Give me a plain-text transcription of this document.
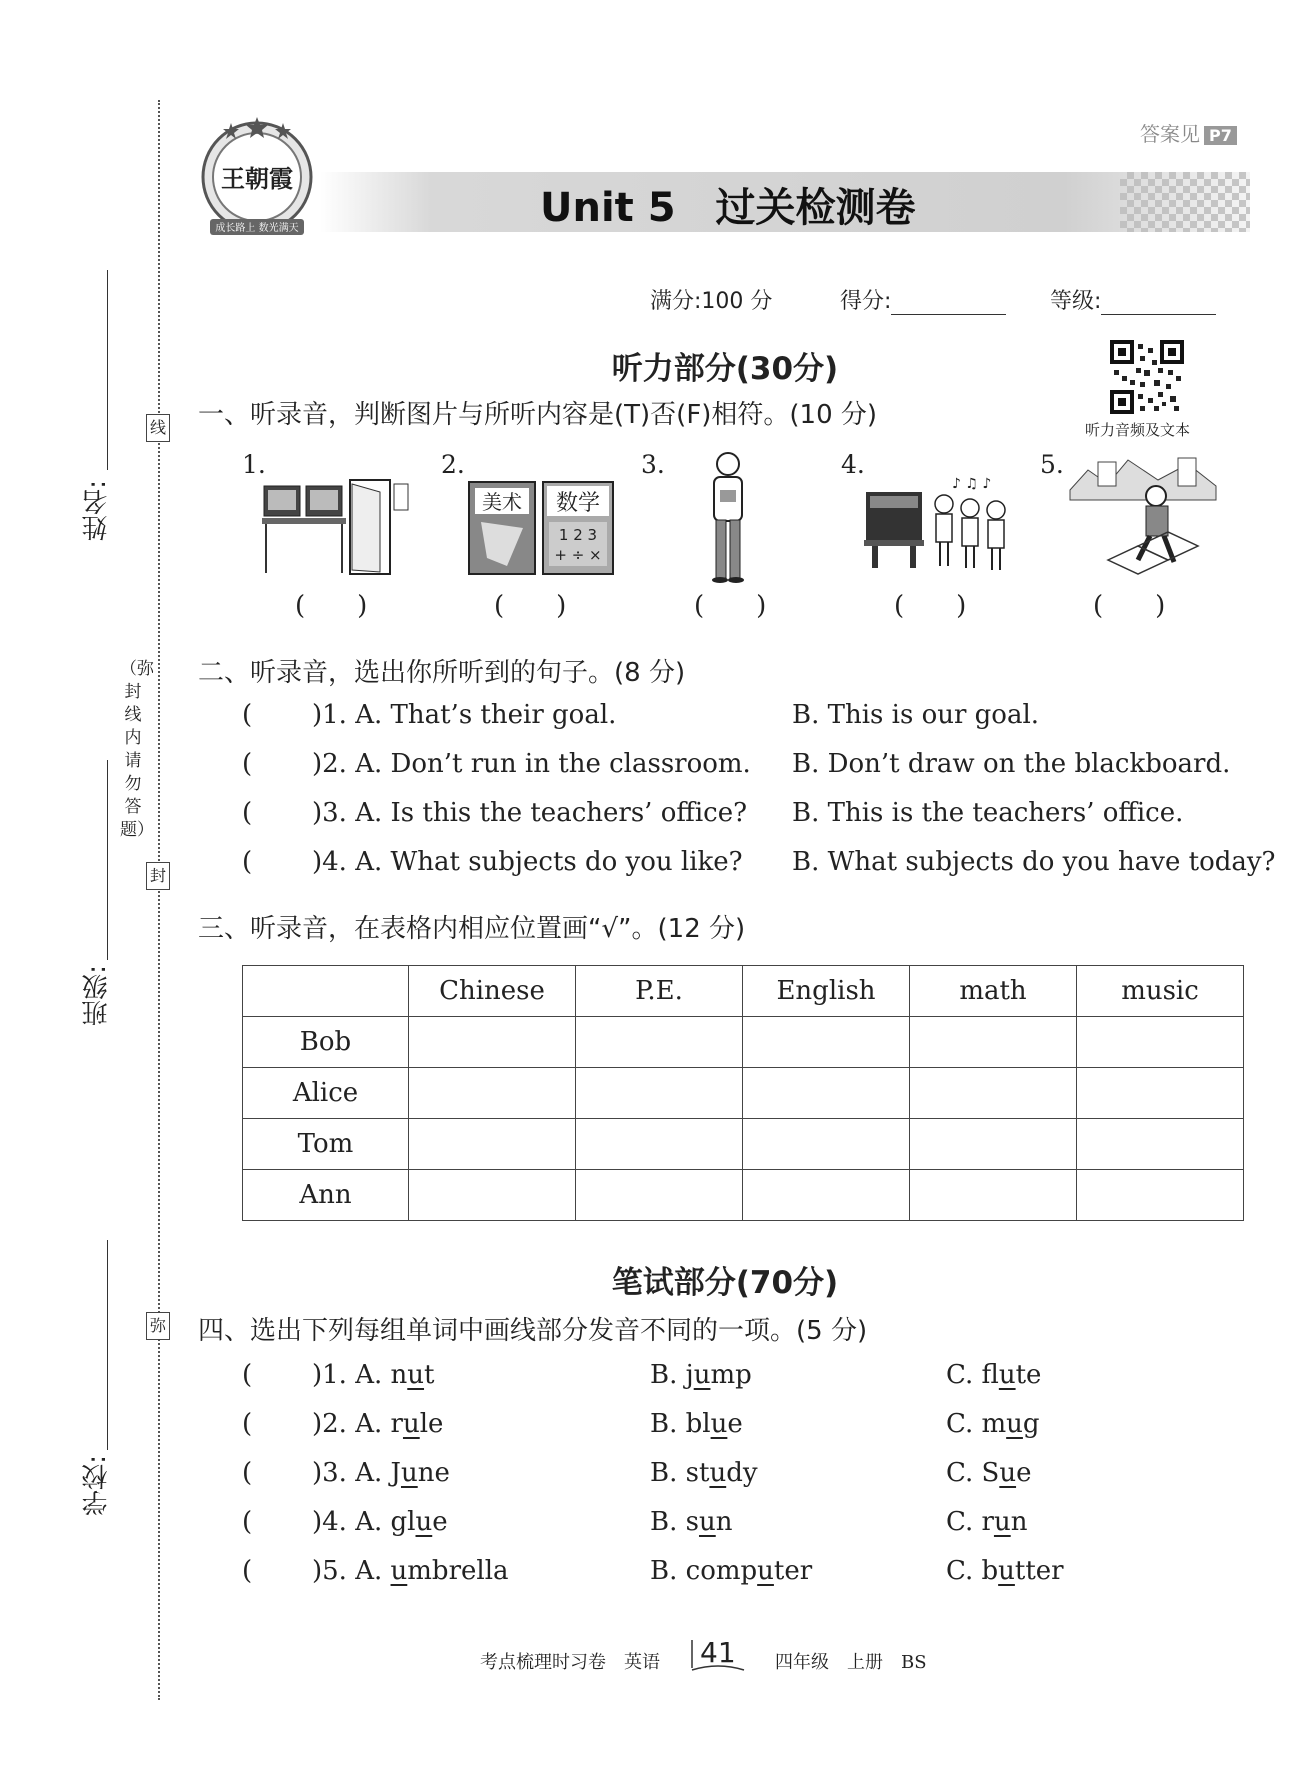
姓名:
班级:
学校:
线
封
弥
（弥封线内请勿答题）
成长路上 数光满天
王朝霞
答案见 P7
Unit 5　过关检测卷
满分:100 分	得分:	等级:
听力音频及文本
听力部分(30分)
一、听录音，判断图片与所听内容是(T)否(F)相符。(10 分)
1.	2.	3.	4.	5.
美术 数学
1 2 3
+ ÷ ×
♪ ♫ ♪
(　　)	(　　)	(　　)	(　　)	(　　)
二、听录音，选出你所听到的句子。(8 分)
( )1. A. That’s their goal.	B. This is our goal.
( )2. A. Don’t run in the classroom. B. Don’t draw on the blackboard.
( )3. A. Is this the teachers’ office? B. This is the teachers’ office.
( )4. A. What subjects do you like? B. What subjects do you have today?
三、听录音，在表格内相应位置画“√”。(12 分)
	Chinese	P.E.	English	math	music
Bob					
Alice					
Tom					
Ann					
笔试部分(70分)
四、选出下列每组单词中画线部分发音不同的一项。(5 分)
( )1. A. nut	B. jump	C. flute
( )2. A. rule	B. blue	C. mug
( )3. A. June	B. study	C. Sue
( )4. A. glue	B. sun	C. run
( )5. A. umbrella	B. computer	C. butter
考点梳理时习卷　英语 41 四年级　上册　BS
